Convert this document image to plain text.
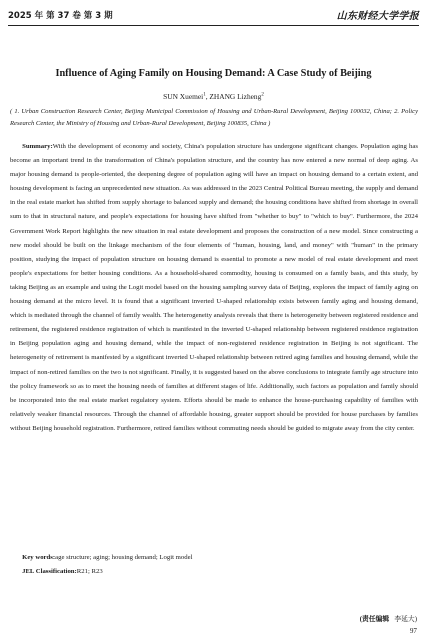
2025 年 第 37 卷 第 3 期	山东财经大学学报
Influence of Aging Family on Housing Demand: A Case Study of Beijing
SUN Xuemei$^1$, ZHANG Lizheng$^2$
( 1. Urban Construction Research Center, Beijing Municipal Commission of Housing and Urban-Rural Development, Beijing 100032, China; 2. Policy Research Center, the Ministry of Housing and Urban-Rural Development, Beijing 100835, China )
Summary:With the development of economy and society, China's population structure has undergone significant changes. Population aging has become an important trend in the transformation of China's population structure, and the country has now entered a new normal of deep aging. As major housing demand is people-oriented, the deepening degree of population aging will have an impact on housing demand to a certain extent, and housing development is facing an unprecedented new situation. As was addressed in the 2023 Central Political Bureau meeting, the supply and demand in the real estate market has shifted from supply shortage to balanced supply and demand; the housing conditions have shifted from shortage in overall sum to that in structural nature, and people's expectations for housing have shifted from "whether to buy" to "which to buy". Furthermore, the 2024 Government Work Report highlights the new situation in real estate development and proposes the construction of a new model. Since constructing a new model should be built on the linkage mechanism of the four elements of "human, housing, land, and money" with "human" in the primary position, studying the impact of population structure on housing demand is essential to promote a new model of real estate development and meet people's expectations for better housing conditions. As a household-shared commodity, housing is consumed on a family basis, and this study, by taking Beijing as an example and using the Logit model based on the housing sampling survey data of Beijing, explores the impact of family aging on housing demand at the micro level. It is found that a significant inverted U-shaped relationship exists between family aging and housing demand, which is mediated through the channel of family wealth. The heterogeneity analysis reveals that there is heterogeneity between registered residence and retirement, the registered residence registration of which is manifested in the inverted U-shaped relationship between registered residence registration in Beijing population aging and housing demand, while the impact of non-registered residence registration in Beijing is not significant. The heterogeneity of retirement is manifested by a significant inverted U-shaped relationship between retired aging families and housing demand, while the impact of non-retired families on the two is not significant. Finally, it is suggested based on the above conclusions to integrate family age structure into the policy framework so as to meet the housing needs of families at different stages of life. Additionally, such factors as population and family should be incorporated into the real estate market regulatory system. Efforts should be made to enhance the house-purchasing capability of families with relatively weaker financial resources. Through the channel of affordable housing, greater support should be provided for house purchases by families without Beijing household registration. Furthermore, retired families without commuting needs should be guided to migrate away from the city center.
Key words:age structure; aging; housing demand; Logit model
JEL Classification:R21; R23
(责任编辑 李延大)
97
